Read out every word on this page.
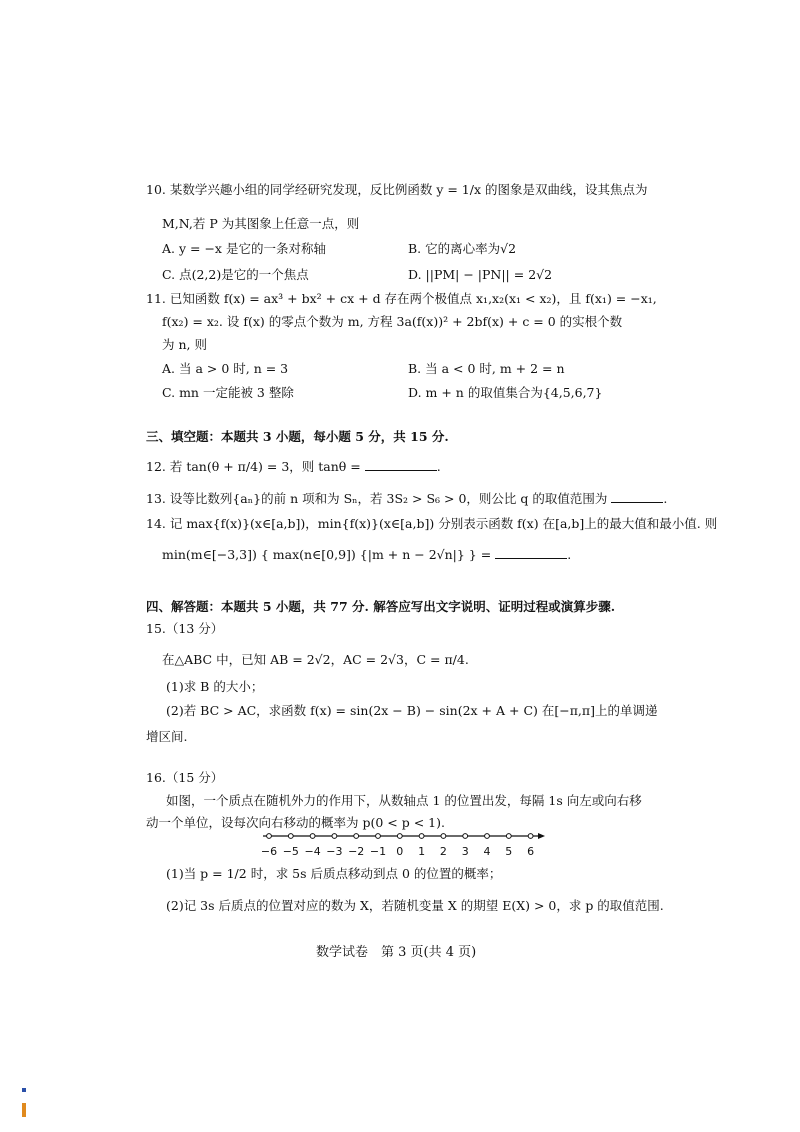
10. 某数学兴趣小组的同学经研究发现，反比例函数 y = 1/x 的图象是双曲线，设其焦点为
M,N,若 P 为其图象上任意一点，则
A. y = −x 是它的一条对称轴	B. 它的离心率为√2
C. 点(2,2)是它的一个焦点	D. ||PM| − |PN|| = 2√2
11. 已知函数 f(x) = ax³ + bx² + cx + d 存在两个极值点 x₁,x₂(x₁ < x₂)，且 f(x₁) = −x₁,
f(x₂) = x₂. 设 f(x) 的零点个数为 m, 方程 3a(f(x))² + 2bf(x) + c = 0 的实根个数
为 n, 则
A. 当 a > 0 时, n = 3	B. 当 a < 0 时, m + 2 = n
C. mn 一定能被 3 整除	D. m + n 的取值集合为{4,5,6,7}
三、填空题：本题共 3 小题，每小题 5 分，共 15 分.
12. 若 tan(θ + π/4) = 3，则 tanθ =	.
13. 设等比数列{aₙ}的前 n 项和为 Sₙ，若 3S₂ > S₆ > 0，则公比 q 的取值范围为	.
14. 记 max{f(x)}(x∈[a,b])，min{f(x)}(x∈[a,b]) 分别表示函数 f(x) 在[a,b]上的最大值和最小值. 则
min(m∈[−3,3]) { max(n∈[0,9]) {|m + n − 2√n|} } =	.
四、解答题：本题共 5 小题，共 77 分. 解答应写出文字说明、证明过程或演算步骤.
15.（13 分）
在△ABC 中，已知 AB = 2√2，AC = 2√3，C = π/4.
(1)求 B 的大小；
(2)若 BC > AC，求函数 f(x) = sin(2x − B) − sin(2x + A + C) 在[−π,π]上的单调递
增区间.
16.（15 分）
如图，一个质点在随机外力的作用下，从数轴点 1 的位置出发，每隔 1s 向左或向右移
动一个单位，设每次向右移动的概率为 p(0 < p < 1).
−6 −5 −4 −3 −2 −1 0	1	2	3	4	5	6
(1)当 p = 1/2 时，求 5s 后质点移动到点 0 的位置的概率；
(2)记 3s 后质点的位置对应的数为 X，若随机变量 X 的期望 E(X) > 0，求 p 的取值范围.
数学试卷　第 3 页(共 4 页)
